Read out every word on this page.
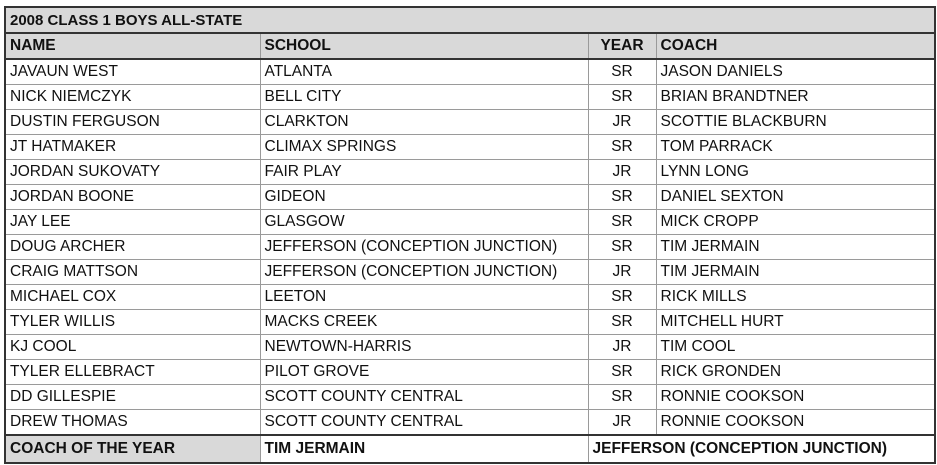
2008 CLASS 1 BOYS ALL-STATE			
NAME	SCHOOL	YEAR	COACH
JAVAUN WEST	ATLANTA	SR	JASON DANIELS
NICK NIEMCZYK	BELL CITY	SR	BRIAN BRANDTNER
DUSTIN FERGUSON	CLARKTON	JR	SCOTTIE BLACKBURN
JT HATMAKER	CLIMAX SPRINGS	SR	TOM PARRACK
JORDAN SUKOVATY	FAIR PLAY	JR	LYNN LONG
JORDAN BOONE	GIDEON	SR	DANIEL SEXTON
JAY LEE	GLASGOW	SR	MICK CROPP
DOUG ARCHER	JEFFERSON (CONCEPTION JUNCTION)	SR	TIM JERMAIN
CRAIG MATTSON	JEFFERSON (CONCEPTION JUNCTION)	JR	TIM JERMAIN
MICHAEL COX	LEETON	SR	RICK MILLS
TYLER WILLIS	MACKS CREEK	SR	MITCHELL HURT
KJ COOL	NEWTOWN-HARRIS	JR	TIM COOL
TYLER ELLEBRACT	PILOT GROVE	SR	RICK GRONDEN
DD GILLESPIE	SCOTT COUNTY CENTRAL	SR	RONNIE COOKSON
DREW THOMAS	SCOTT COUNTY CENTRAL	JR	RONNIE COOKSON
COACH OF THE YEAR	TIM JERMAIN	JEFFERSON (CONCEPTION JUNCTION)	
